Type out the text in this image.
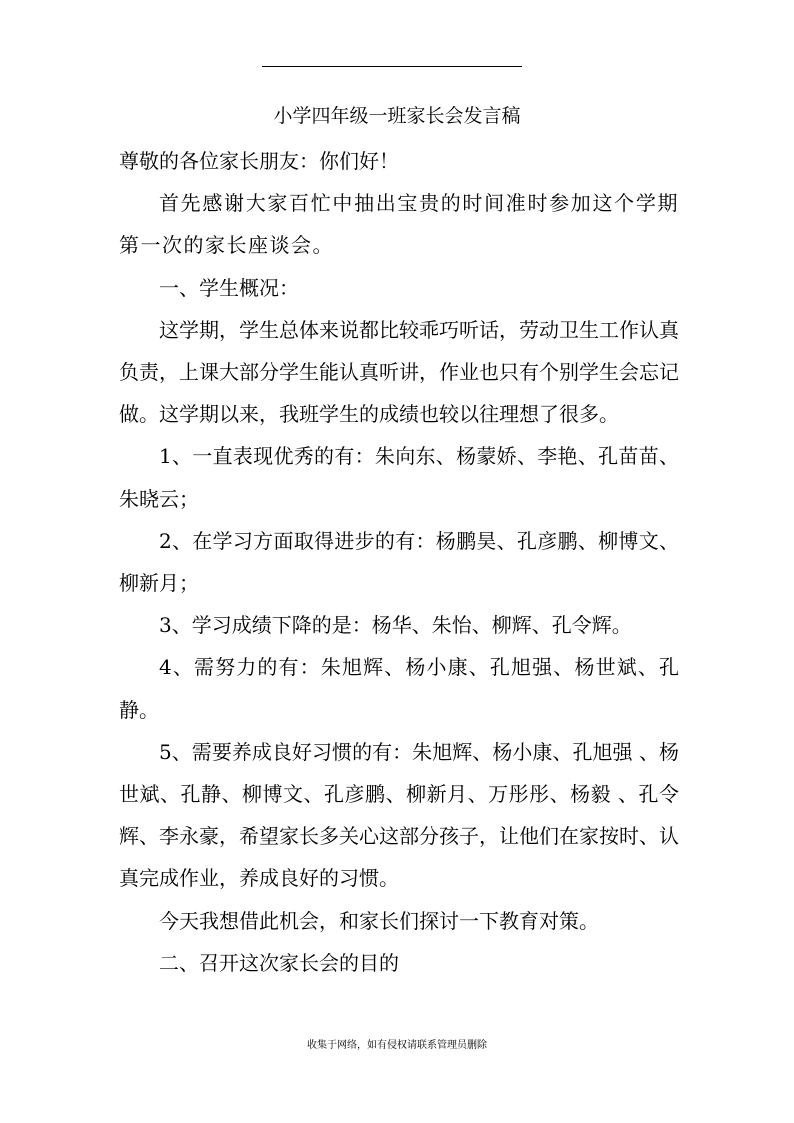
小学四年级一班家长会发言稿

尊敬的各位家长朋友：你们好！

首先感谢大家百忙中抽出宝贵的时间准时参加这个学期第一次的家长座谈会。

一、学生概况：

这学期，学生总体来说都比较乖巧听话，劳动卫生工作认真负责，上课大部分学生能认真听讲，作业也只有个别学生会忘记做。这学期以来，我班学生的成绩也较以往理想了很多。

1、一直表现优秀的有：朱向东、杨蒙娇、李艳、孔苗苗、朱晓云；

2、在学习方面取得进步的有：杨鹏昊、孔彦鹏、柳博文、柳新月；

3、学习成绩下降的是：杨华、朱怡、柳辉、孔令辉。

4、需努力的有：朱旭辉、杨小康、孔旭强、杨世斌、孔静。

5、需要养成良好习惯的有：朱旭辉、杨小康、孔旭强 、杨世斌、孔静、柳博文、孔彦鹏、柳新月、万彤彤、杨毅 、孔令辉、李永豪，希望家长多关心这部分孩子，让他们在家按时、认真完成作业，养成良好的习惯。

今天我想借此机会，和家长们探讨一下教育对策。

二、召开这次家长会的目的

收集于网络，如有侵权请联系管理员删除
